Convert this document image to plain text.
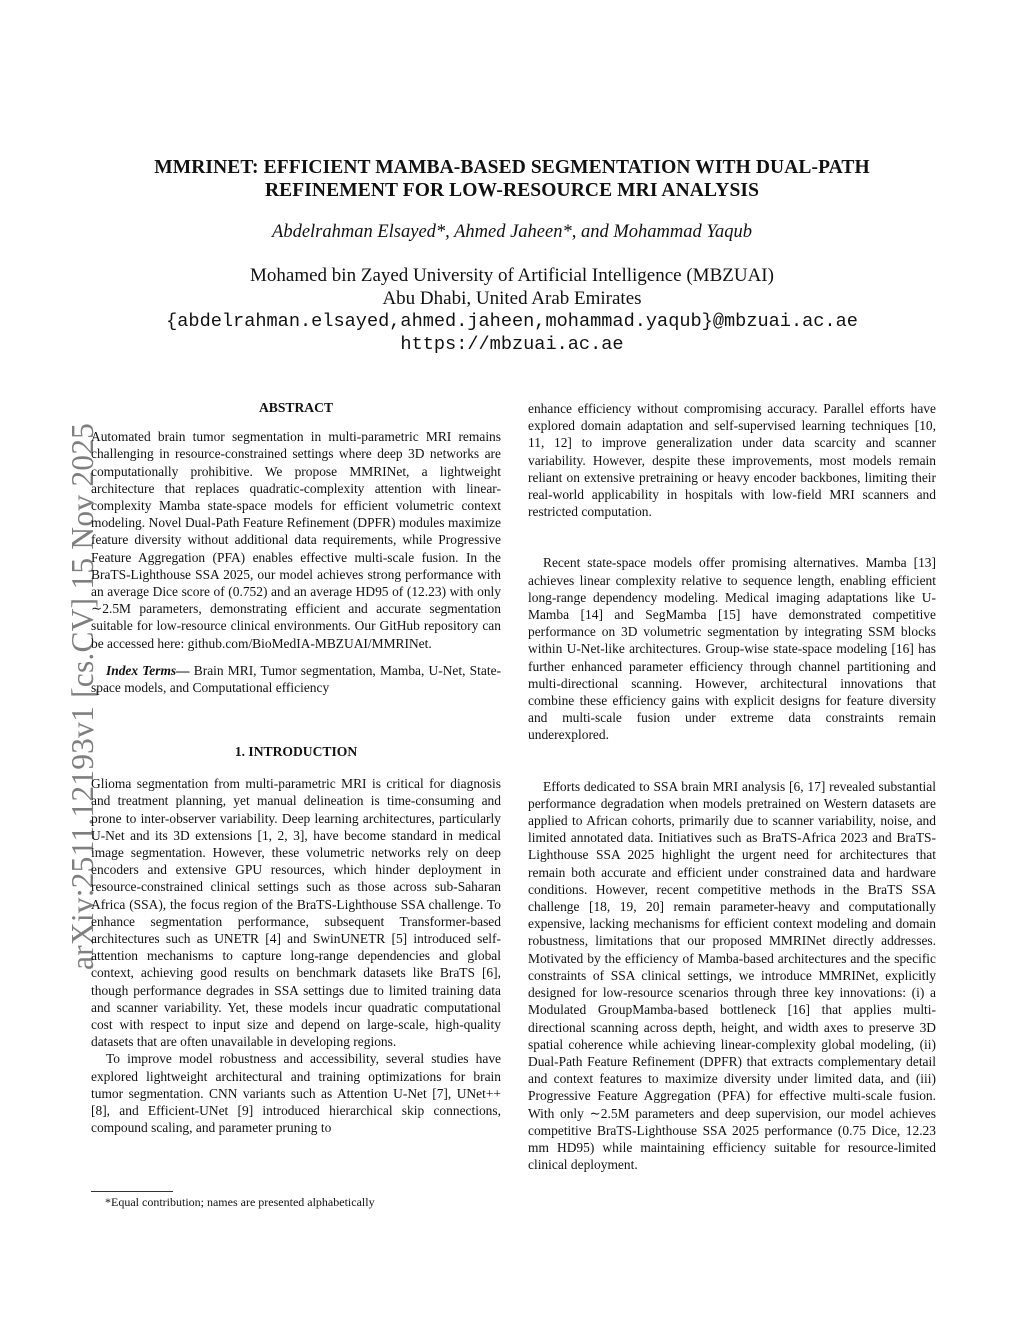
arXiv:2511.12193v1 [cs.CV] 15 Nov 2025
MMRINET: EFFICIENT MAMBA-BASED SEGMENTATION WITH DUAL-PATH
REFINEMENT FOR LOW-RESOURCE MRI ANALYSIS
Abdelrahman Elsayed*, Ahmed Jaheen*, and Mohammad Yaqub
Mohamed bin Zayed University of Artificial Intelligence (MBZUAI)
Abu Dhabi, United Arab Emirates
{abdelrahman.elsayed,ahmed.jaheen,mohammad.yaqub}@mbzuai.ac.ae
https://mbzuai.ac.ae
ABSTRACT

Automated brain tumor segmentation in multi-parametric MRI remains challenging in resource-constrained settings where deep 3D networks are computationally prohibitive. We propose MMRINet, a lightweight architecture that replaces quadratic-complexity attention with linear-complexity Mamba state-space models for efficient volumetric context modeling. Novel Dual-Path Feature Refinement (DPFR) modules maximize feature diversity without additional data requirements, while Progressive Feature Aggregation (PFA) enables effective multi-scale fusion. In the BraTS-Lighthouse SSA 2025, our model achieves strong performance with an average Dice score of (0.752) and an average HD95 of (12.23) with only ∼2.5M parameters, demonstrating efficient and accurate segmentation suitable for low-resource clinical environments. Our GitHub repository can be accessed here: github.com/BioMedIA-MBZUAI/MMRINet.

Index Terms— Brain MRI, Tumor segmentation, Mamba, U-Net, State-space models, and Computational efficiency

1. INTRODUCTION

Glioma segmentation from multi-parametric MRI is critical for diagnosis and treatment planning, yet manual delineation is time-consuming and prone to inter-observer variability. Deep learning architectures, particularly U-Net and its 3D extensions [1, 2, 3], have become standard in medical image segmentation. However, these volumetric networks rely on deep encoders and extensive GPU resources, which hinder deployment in resource-constrained clinical settings such as those across sub-Saharan Africa (SSA), the focus region of the BraTS-Lighthouse SSA challenge. To enhance segmentation performance, subsequent Transformer-based architectures such as UNETR [4] and SwinUNETR [5] introduced self-attention mechanisms to capture long-range dependencies and global context, achieving good results on benchmark datasets like BraTS [6], though performance degrades in SSA settings due to limited training data and scanner variability. Yet, these models incur quadratic computational cost with respect to input size and depend on large-scale, high-quality datasets that are often unavailable in developing regions.

To improve model robustness and accessibility, several studies have explored lightweight architectural and training optimizations for brain tumor segmentation. CNN variants such as Attention U-Net [7], UNet++ [8], and Efficient-UNet [9] introduced hierarchical skip connections, compound scaling, and parameter pruning to

*Equal contribution; names are presented alphabetically

enhance efficiency without compromising accuracy. Parallel efforts have explored domain adaptation and self-supervised learning techniques [10, 11, 12] to improve generalization under data scarcity and scanner variability. However, despite these improvements, most models remain reliant on extensive pretraining or heavy encoder backbones, limiting their real-world applicability in hospitals with low-field MRI scanners and restricted computation.

Recent state-space models offer promising alternatives. Mamba [13] achieves linear complexity relative to sequence length, enabling efficient long-range dependency modeling. Medical imaging adaptations like U-Mamba [14] and SegMamba [15] have demonstrated competitive performance on 3D volumetric segmentation by integrating SSM blocks within U-Net-like architectures. Group-wise state-space modeling [16] has further enhanced parameter efficiency through channel partitioning and multi-directional scanning. However, architectural innovations that combine these efficiency gains with explicit designs for feature diversity and multi-scale fusion under extreme data constraints remain underexplored.

Efforts dedicated to SSA brain MRI analysis [6, 17] revealed substantial performance degradation when models pretrained on Western datasets are applied to African cohorts, primarily due to scanner variability, noise, and limited annotated data. Initiatives such as BraTS-Africa 2023 and BraTS-Lighthouse SSA 2025 highlight the urgent need for architectures that remain both accurate and efficient under constrained data and hardware conditions. However, recent competitive methods in the BraTS SSA challenge [18, 19, 20] remain parameter-heavy and computationally expensive, lacking mechanisms for efficient context modeling and domain robustness, limitations that our proposed MMRINet directly addresses. Motivated by the efficiency of Mamba-based architectures and the specific constraints of SSA clinical settings, we introduce MMRINet, explicitly designed for low-resource scenarios through three key innovations: (i) a Modulated GroupMamba-based bottleneck [16] that applies multi-directional scanning across depth, height, and width axes to preserve 3D spatial coherence while achieving linear-complexity global modeling, (ii) Dual-Path Feature Refinement (DPFR) that extracts complementary detail and context features to maximize diversity under limited data, and (iii) Progressive Feature Aggregation (PFA) for effective multi-scale fusion. With only ∼2.5M parameters and deep supervision, our model achieves competitive BraTS-Lighthouse SSA 2025 performance (0.75 Dice, 12.23 mm HD95) while maintaining efficiency suitable for resource-limited clinical deployment.
